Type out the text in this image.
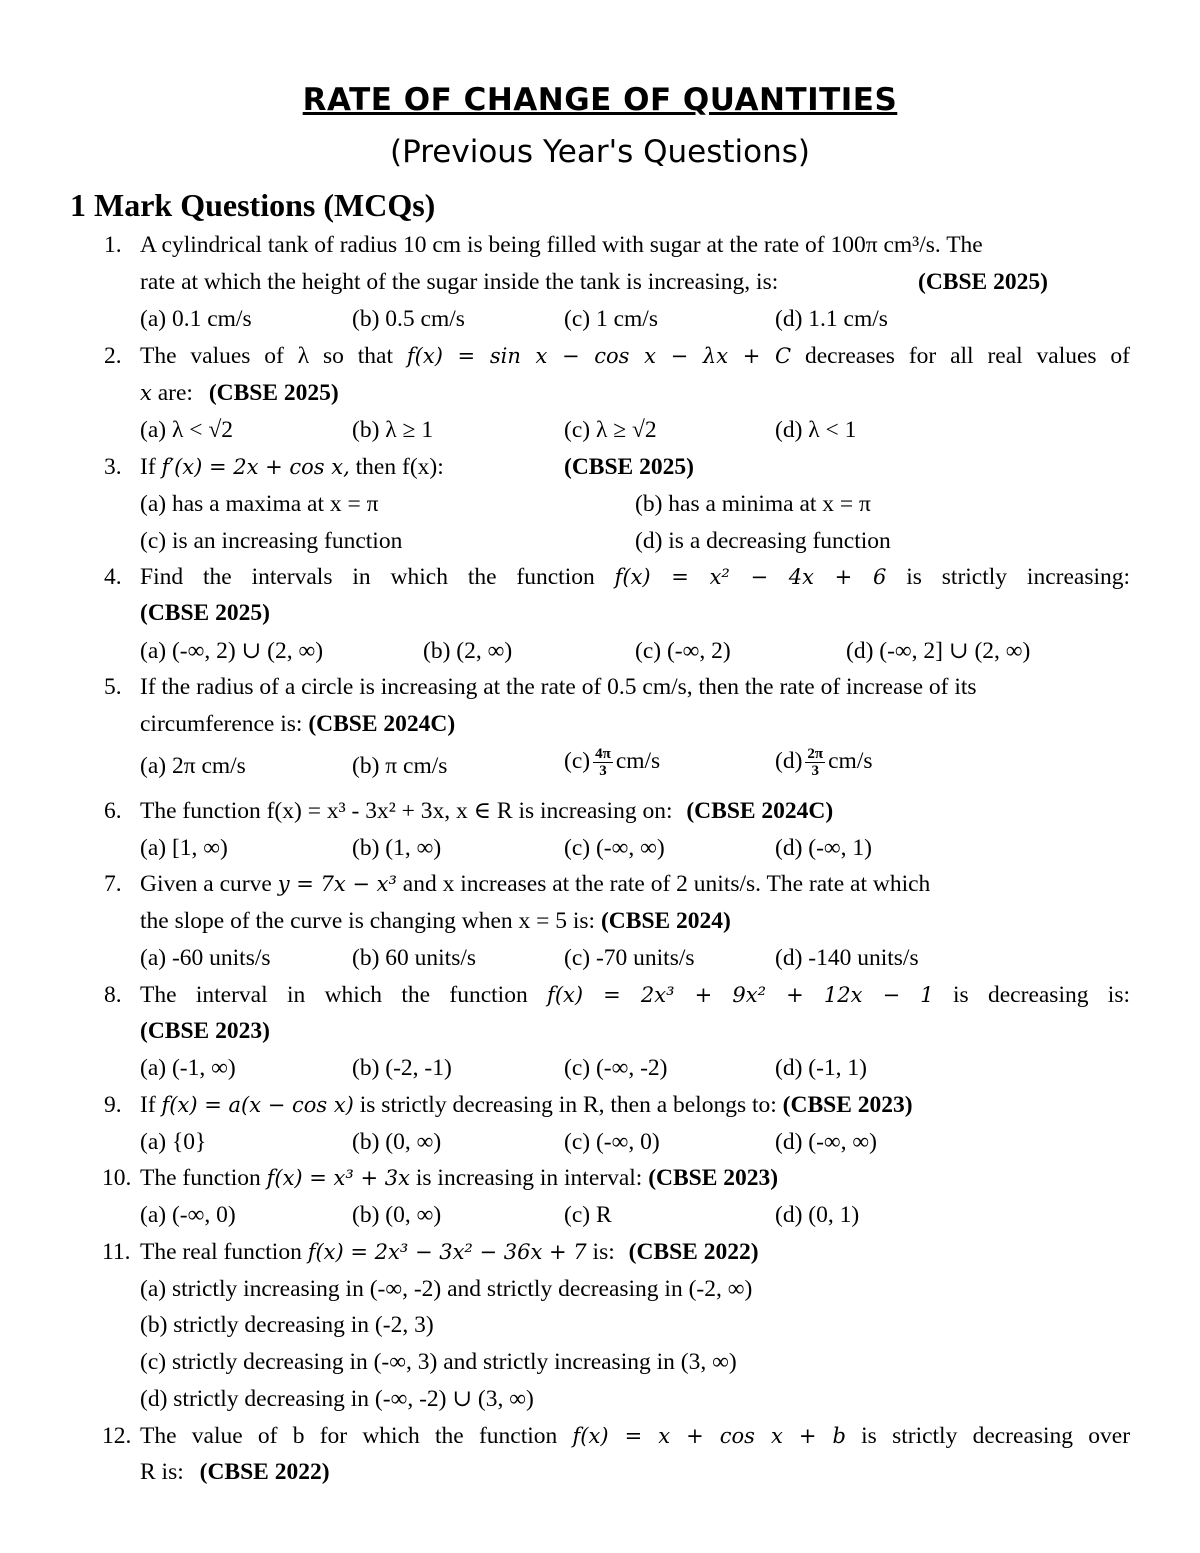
RATE OF CHANGE OF QUANTITIES
(Previous Year's Questions)
1 Mark Questions (MCQs)
1. A cylindrical tank of radius 10 cm is being filled with sugar at the rate of 100π cm³/s. The
rate at which the height of the sugar inside the tank is increasing, is:	(CBSE 2025)
(a) 0.1 cm/s	(b) 0.5 cm/s	(c) 1 cm/s	(d) 1.1 cm/s
2. The values of λ so that f(x) = sin x − cos x − λx + C decreases for all real values of
x are: (CBSE 2025)
(a) λ < √2	(b) λ ≥ 1	(c) λ ≥ √2	(d) λ < 1
3. If f′(x) = 2x + cos x, then f(x):	(CBSE 2025)
(a) has a maxima at x = π	(b) has a minima at x = π
(c) is an increasing function	(d) is a decreasing function
4. Find the intervals in which the function f(x) = x² − 4x + 6 is strictly increasing:
(CBSE 2025)
(a) (-∞, 2) ∪ (2, ∞)	(b) (2, ∞)	(c) (-∞, 2)	(d) (-∞, 2] ∪ (2, ∞)
5. If the radius of a circle is increasing at the rate of 0.5 cm/s, then the rate of increase of its
circumference is: (CBSE 2024C)
(a) 2π cm/s	(b) π cm/s	$(c) \frac{4\pi}{3} cm/s$	$(d) \frac{2\pi}{3} cm/s$
6. The function f(x) = x³ - 3x² + 3x, x ∈ R is increasing on: (CBSE 2024C)
(a) [1, ∞)	(b) (1, ∞)	(c) (-∞, ∞)	(d) (-∞, 1)
7. Given a curve y = 7x − x³ and x increases at the rate of 2 units/s. The rate at which
the slope of the curve is changing when x = 5 is: (CBSE 2024)
(a) -60 units/s	(b) 60 units/s	(c) -70 units/s	(d) -140 units/s
8. The interval in which the function f(x) = 2x³ + 9x² + 12x − 1 is decreasing is:
(CBSE 2023)
(a) (-1, ∞)	(b) (-2, -1)	(c) (-∞, -2)	(d) (-1, 1)
9. If f(x) = a(x − cos x) is strictly decreasing in R, then a belongs to: (CBSE 2023)
(a) {0}	(b) (0, ∞)	(c) (-∞, 0)	(d) (-∞, ∞)
10. The function f(x) = x³ + 3x is increasing in interval: (CBSE 2023)
(a) (-∞, 0)	(b) (0, ∞)	(c) R	(d) (0, 1)
11. The real function f(x) = 2x³ − 3x² − 36x + 7 is: (CBSE 2022)
(a) strictly increasing in (-∞, -2) and strictly decreasing in (-2, ∞)
(b) strictly decreasing in (-2, 3)
(c) strictly decreasing in (-∞, 3) and strictly increasing in (3, ∞)
(d) strictly decreasing in (-∞, -2) ∪ (3, ∞)
12. The value of b for which the function f(x) = x + cos x + b is strictly decreasing over
R is: (CBSE 2022)
